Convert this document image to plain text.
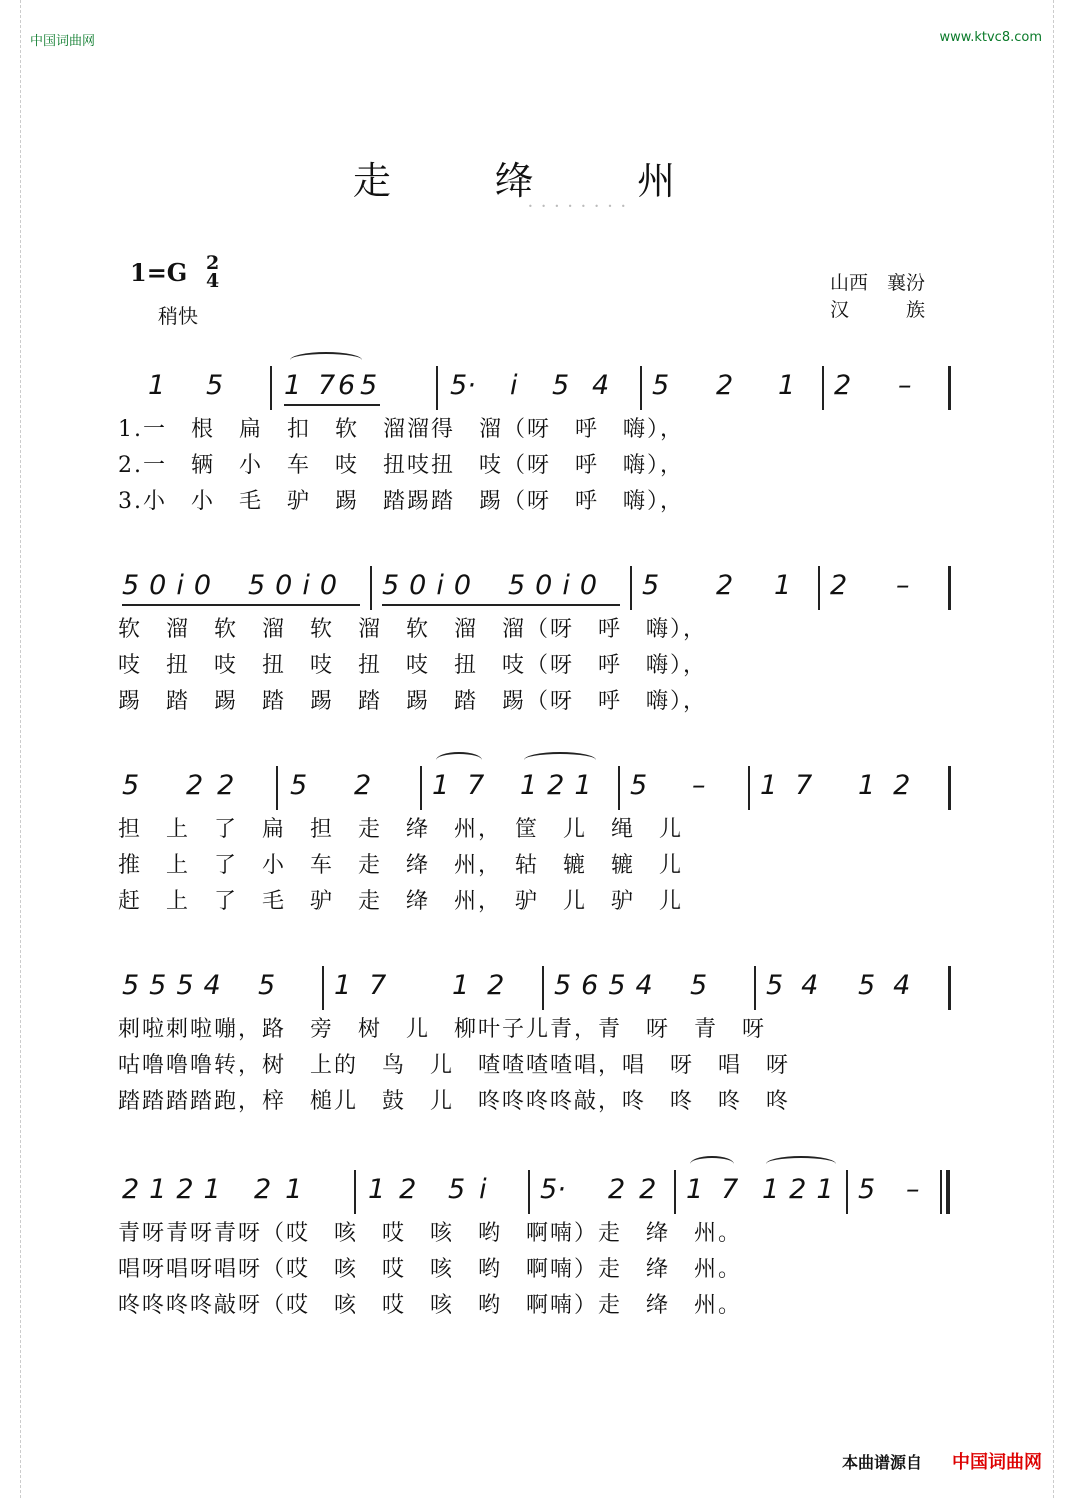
中国词曲网	www.ktvc8.com
走 绛 州
• • • • • • • •
1=G 2
4
稍快
山西　襄汾
汉　　　族
1 5 1 7 6 5	5· i 5 4 5 2 1 2 –
1.一　根　扁　扣　软　溜溜得　溜（呀　呼　嗨），
2.一　辆　小　车　吱　扭吱扭　吱（呀　呼　嗨），
3.小　小　毛　驴　踢　踏踢踏　踢（呀　呼　嗨），
50i0 50i0 50i0 50i0 5 2 1 2 –
软　溜　软　溜　软　溜　软　溜　溜（呀　呼　嗨），
吱　扭　吱　扭　吱　扭　吱　扭　吱（呀　呼　嗨），
踢　踏　踢　踏　踢　踏　踢　踏　踢（呀　呼　嗨），
5 22 5 2 17 121 5 – 17 12
担　上　了　扁　担　走　绛　州，　筐　儿　绳　儿
推　上　了　小　车　走　绛　州，　轱　辘　辘　儿
赶　上　了　毛　驴　走　绛　州，　驴　儿　驴　儿
5554 5 17 12 5654 5 54 54
刺啦刺啦嘣，路　旁　树　儿　柳叶子儿青，青　呀　青　呀
咕噜噜噜转，树　上的　鸟　儿　喳喳喳喳唱，唱　呀　唱　呀
踏踏踏踏跑，梓　槌儿　鼓　儿　咚咚咚咚敲，咚　咚　咚　咚
2121 21 12 5i 5· 22 17 121 5 –
青呀青呀青呀（哎　咳　哎　咳　哟　啊喃）走　绛　州。
唱呀唱呀唱呀（哎　咳　哎　咳　哟　啊喃）走　绛　州。
咚咚咚咚敲呀（哎　咳　哎　咳　哟　啊喃）走　绛　州。
本曲谱源自 中国词曲网
